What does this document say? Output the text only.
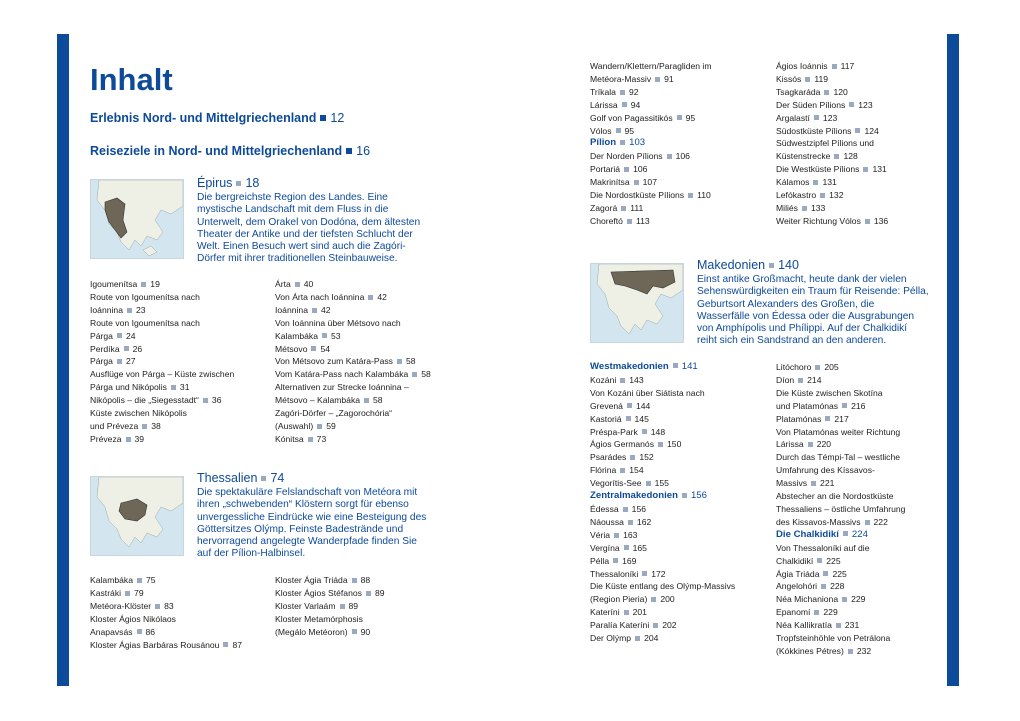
Inhalt
Erlebnis Nord- und Mittelgriechenland 12
Reiseziele in Nord- und Mittelgriechenland 16
Épirus 18
Die bergreichste Region des Landes. Eine mystische Landschaft mit dem Fluss in die Unterwelt, dem Orakel von Dodóna, dem ältesten Theater der Antike und der tiefsten Schlucht der Welt. Einen Besuch wert sind auch die Zagóri-Dörfer mit ihrer traditionellen Steinbauweise.
Igoumenítsa 19
Route von Igoumenítsa nach
Ioánnina 23
Route von Igoumenítsa nach
Párga 24
Perdíka 26
Párga 27
Ausflüge von Párga – Küste zwischen
Párga und Nikópolis 31
Nikópolis – die „Siegesstadt“ 36
Küste zwischen Nikópolis
und Préveza 38
Préveza 39
Árta 40
Von Árta nach Ioánnina 42
Ioánnina 42
Von Ioánnina über Métsovo nach
Kalambáka 53
Métsovo 54
Von Métsovo zum Katára-Pass 58
Vom Katára-Pass nach Kalambáka 58
Alternativen zur Strecke Ioánnina –
Métsovo – Kalambáka 58
Zagóri-Dörfer – „Zagorochória“
(Auswahl) 59
Kónitsa 73
Thessalien 74
Die spektakuläre Felslandschaft von Metéora mit ihren „schwebenden“ Klöstern sorgt für ebenso unvergessliche Eindrücke wie eine Besteigung des Göttersitzes Olýmp. Feinste Badestrände und hervorragend angelegte Wanderpfade finden Sie auf der Pílion-Halbinsel.
Kalambáka 75
Kastráki 79
Metéora-Klöster 83
Kloster Ágios Nikólaos
Anapavsás 86
Kloster Ágias Barbáras Rousánou 87
Kloster Ágia Triáda 88
Kloster Ágios Stéfanos 89
Kloster Varlaám 89
Kloster Metamórphosis
(Megálo Metéoron) 90
Wandern/Klettern/Paragliden im
Metéora-Massiv 91
Tríkala 92
Lárissa 94
Golf von Pagassitikós 95
Vólos 95
Pílion 103
Der Norden Pílions 106
Portariá 106
Makrinítsa 107
Die Nordostküste Pílions 110
Zagorá 111
Choreftó 113
Ágios Ioánnis 117
Kissós 119
Tsagkaráda 120
Der Süden Pílions 123
Argalastí 123
Südostküste Pílions 124
Südwestzipfel Pílions und
Küstenstrecke 128
Die Westküste Pílions 131
Kálamos 131
Lefókastro 132
Miliés 133
Weiter Richtung Vólos 136
Makedonien 140
Einst antike Großmacht, heute dank der vielen Sehenswürdigkeiten ein Traum für Reisende: Pélla, Geburtsort Alexanders des Großen, die Wasserfälle von Édessa oder die Ausgrabungen von Amphípolis und Phílippi. Auf der Chalkidikí reiht sich ein Sandstrand an den anderen.
Westmakedonien 141
Kozáni 143
Von Kozáni über Siátista nach
Grevená 144
Kastoriá 145
Préspa-Park 148
Ágios Germanós 150
Psarádes 152
Flórina 154
Vegorítis-See 155
Zentralmakedonien 156
Édessa 156
Náoussa 162
Véria 163
Vergína 165
Pélla 169
Thessaloníki 172
Die Küste entlang des Olýmp-Massivs
(Region Pieria) 200
Kateríni 201
Paralía Kateríni 202
Der Olýmp 204
Litóchoro 205
Díon 214
Die Küste zwischen Skotína
und Platamónas 216
Platamónas 217
Von Platamónas weiter Richtung
Lárissa 220
Durch das Témpi-Tal – westliche
Umfahrung des Kíssavos-
Massivs 221
Abstecher an die Nordostküste
Thessaliens – östliche Umfahrung
des Kissavos-Massivs 222
Die Chalkidikí 224
Von Thessaloníki auf die
Chalkidikí 225
Ágia Triáda 225
Angelohóri 228
Néa Michaniona 229
Epanomí 229
Néa Kallikratía 231
Tropfsteinhöhle von Petrálona
(Kókkines Pétres) 232
